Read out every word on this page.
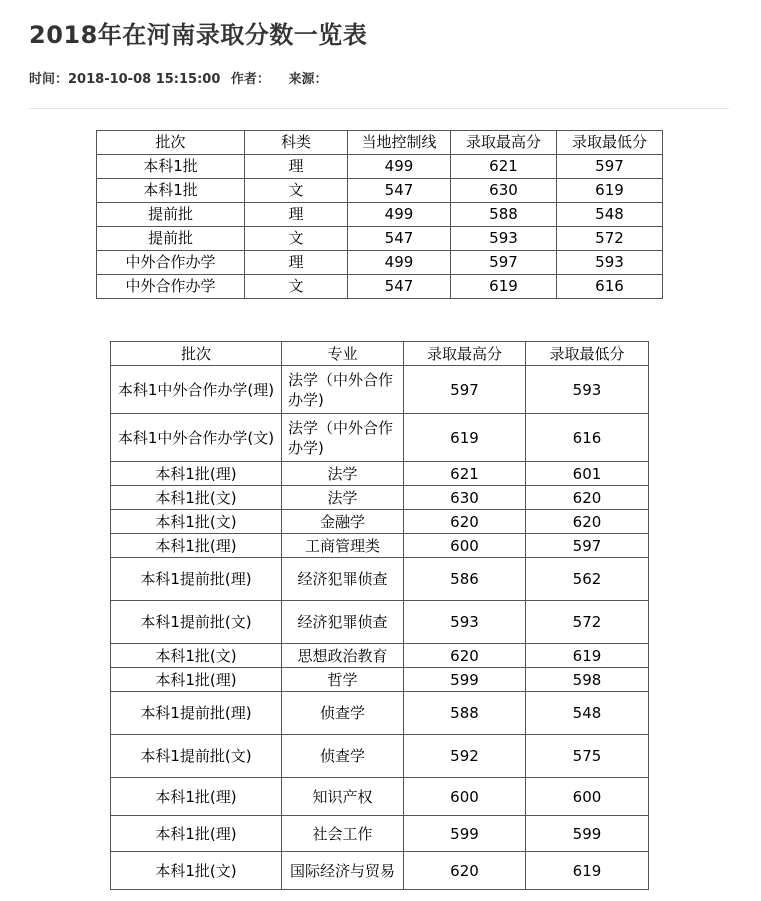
2018年在河南录取分数一览表
时间：2018-10-08 15:15:00 作者： 来源：
批次	科类	当地控制线	录取最高分	录取最低分
本科1批	理	499	621	597
本科1批	文	547	630	619
提前批	理	499	588	548
提前批	文	547	593	572
中外合作办学	理	499	597	593
中外合作办学	文	547	619	616
批次	专业	录取最高分	录取最低分
本科1中外合作办学(理)	法学（中外合作办学)	597	593
本科1中外合作办学(文)	法学（中外合作办学)	619	616
本科1批(理)	法学	621	601
本科1批(文)	法学	630	620
本科1批(文)	金融学	620	620
本科1批(理)	工商管理类	600	597
本科1提前批(理)	经济犯罪侦查	586	562
本科1提前批(文)	经济犯罪侦查	593	572
本科1批(文)	思想政治教育	620	619
本科1批(理)	哲学	599	598
本科1提前批(理)	侦查学	588	548
本科1提前批(文)	侦查学	592	575
本科1批(理)	知识产权	600	600
本科1批(理)	社会工作	599	599
本科1批(文)	国际经济与贸易	620	619
